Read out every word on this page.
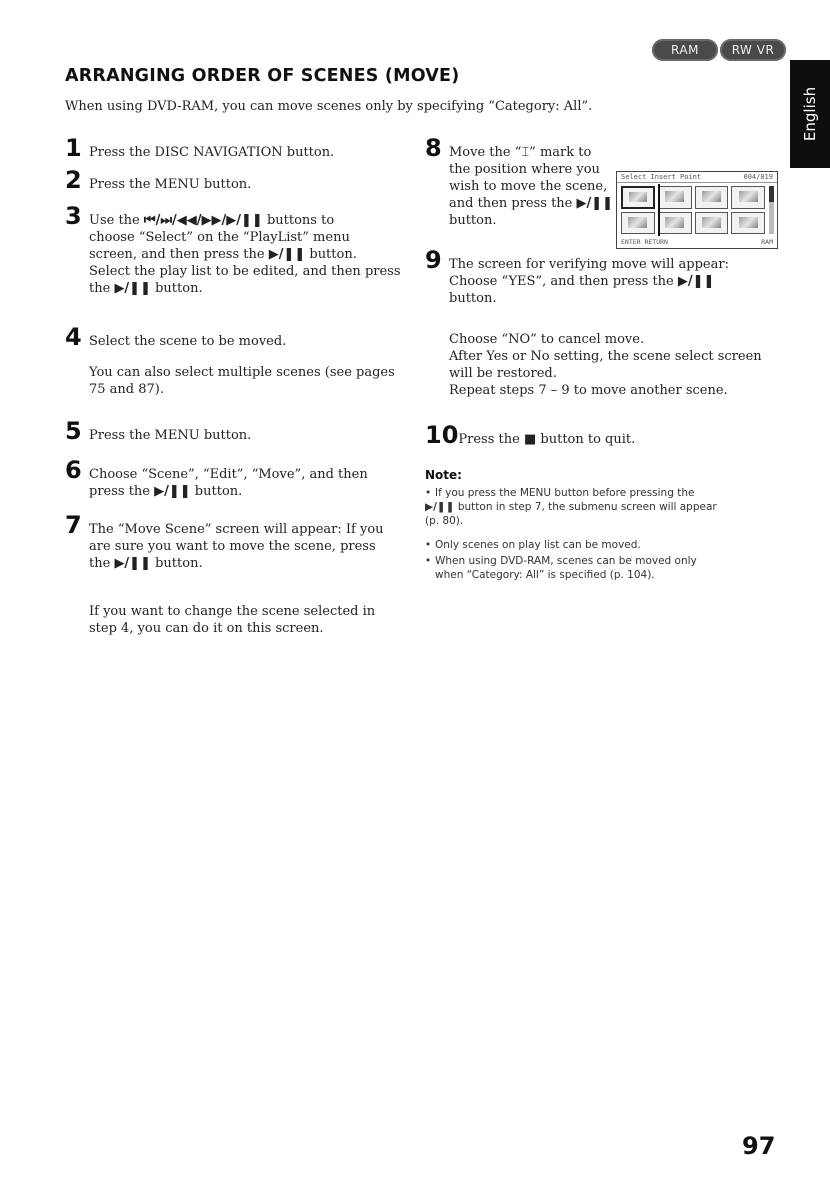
RAM	RW VR
ARRANGING ORDER OF SCENES (MOVE)
When using DVD-RAM, you can move scenes only by specifying “Category: All”.	English
1 Press the DISC NAVIGATION button.
2 Press the MENU button.
3 Use the ⏮/⏭/◀◀/▶▶/▶/❚❚ buttons to
choose “Select” on the “PlayList” menu
screen, and then press the ▶/❚❚ button.
Select the play list to be edited, and then press
the ▶/❚❚ button.
4 Select the scene to be moved.
You can also select multiple scenes (see pages
75 and 87).
5 Press the MENU button.
6 Choose “Scene”, “Edit”, “Move”, and then
press the ▶/❚❚ button.
7 The “Move Scene” screen will appear: If you
are sure you want to move the scene, press
the ▶/❚❚ button.
If you want to change the scene selected in
step 4, you can do it on this screen.
8 Move the “⌶” mark to
the position where you
wish to move the scene,
and then press the ▶/❚❚
button.
Select Insert Point	004/019
ENTER RETURN	RAM
9 The screen for verifying move will appear:
Choose “YES”, and then press the ▶/❚❚
button.
Choose “NO” to cancel move.
After Yes or No setting, the scene select screen
will be restored.
Repeat steps 7 – 9 to move another scene.
10Press the ■ button to quit.
Note:
• If you press the MENU button before pressing the
▶/❚❚ button in step 7, the submenu screen will appear
(p. 80).
• Only scenes on play list can be moved.
• When using DVD-RAM, scenes can be moved only
when “Category: All” is specified (p. 104).
97
